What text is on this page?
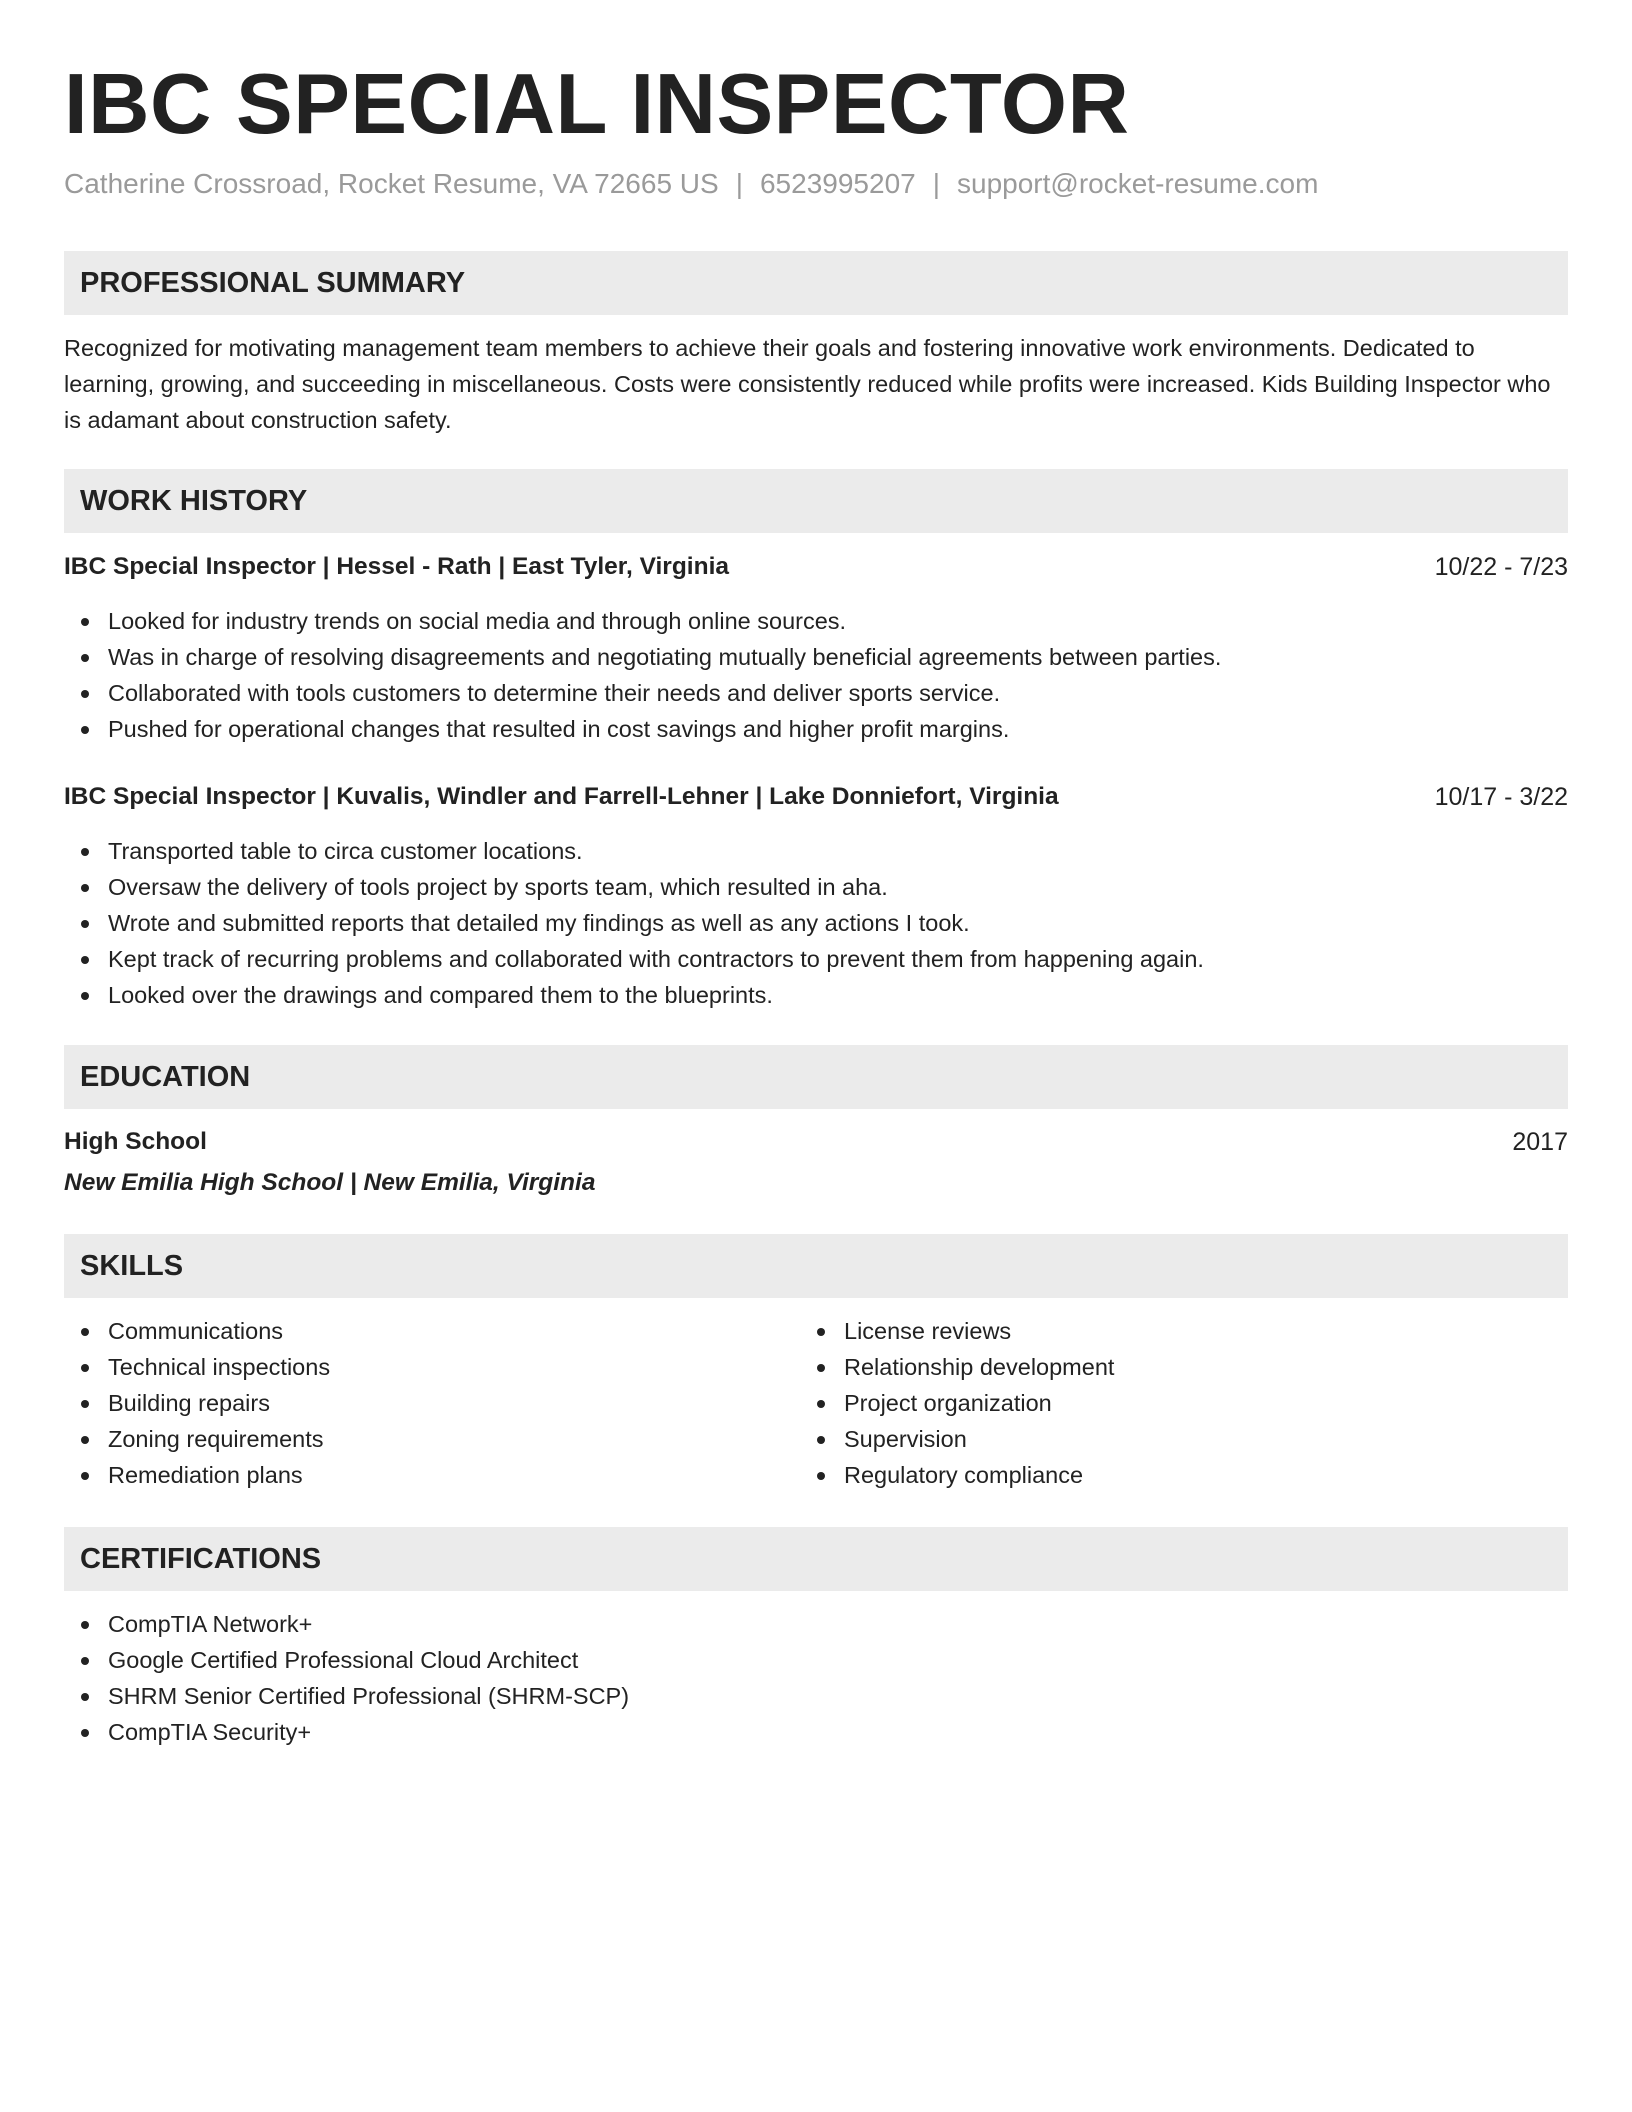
IBC SPECIAL INSPECTOR
Catherine Crossroad, Rocket Resume, VA 72665 US | 6523995207 | support@rocket-resume.com
PROFESSIONAL SUMMARY

Recognized for motivating management team members to achieve their goals and fostering innovative work environments. Dedicated to learning, growing, and succeeding in miscellaneous. Costs were consistently reduced while profits were increased. Kids Building Inspector who is adamant about construction safety.

WORK HISTORY
IBC Special Inspector | Hessel - Rath | East Tyler, Virginia	10/22 - 7/23
Looked for industry trends on social media and through online sources.
Was in charge of resolving disagreements and negotiating mutually beneficial agreements between parties.
Collaborated with tools customers to determine their needs and deliver sports service.
Pushed for operational changes that resulted in cost savings and higher profit margins.
IBC Special Inspector | Kuvalis, Windler and Farrell-Lehner | Lake Donniefort, Virginia	10/17 - 3/22
Transported table to circa customer locations.
Oversaw the delivery of tools project by sports team, which resulted in aha.
Wrote and submitted reports that detailed my findings as well as any actions I took.
Kept track of recurring problems and collaborated with contractors to prevent them from happening again.
Looked over the drawings and compared them to the blueprints.
EDUCATION
High School	2017
New Emilia High School | New Emilia, Virginia
SKILLS
Communications
Technical inspections
Building repairs
Zoning requirements
Remediation plans
License reviews
Relationship development
Project organization
Supervision
Regulatory compliance
CERTIFICATIONS
CompTIA Network+
Google Certified Professional Cloud Architect
SHRM Senior Certified Professional (SHRM-SCP)
CompTIA Security+
